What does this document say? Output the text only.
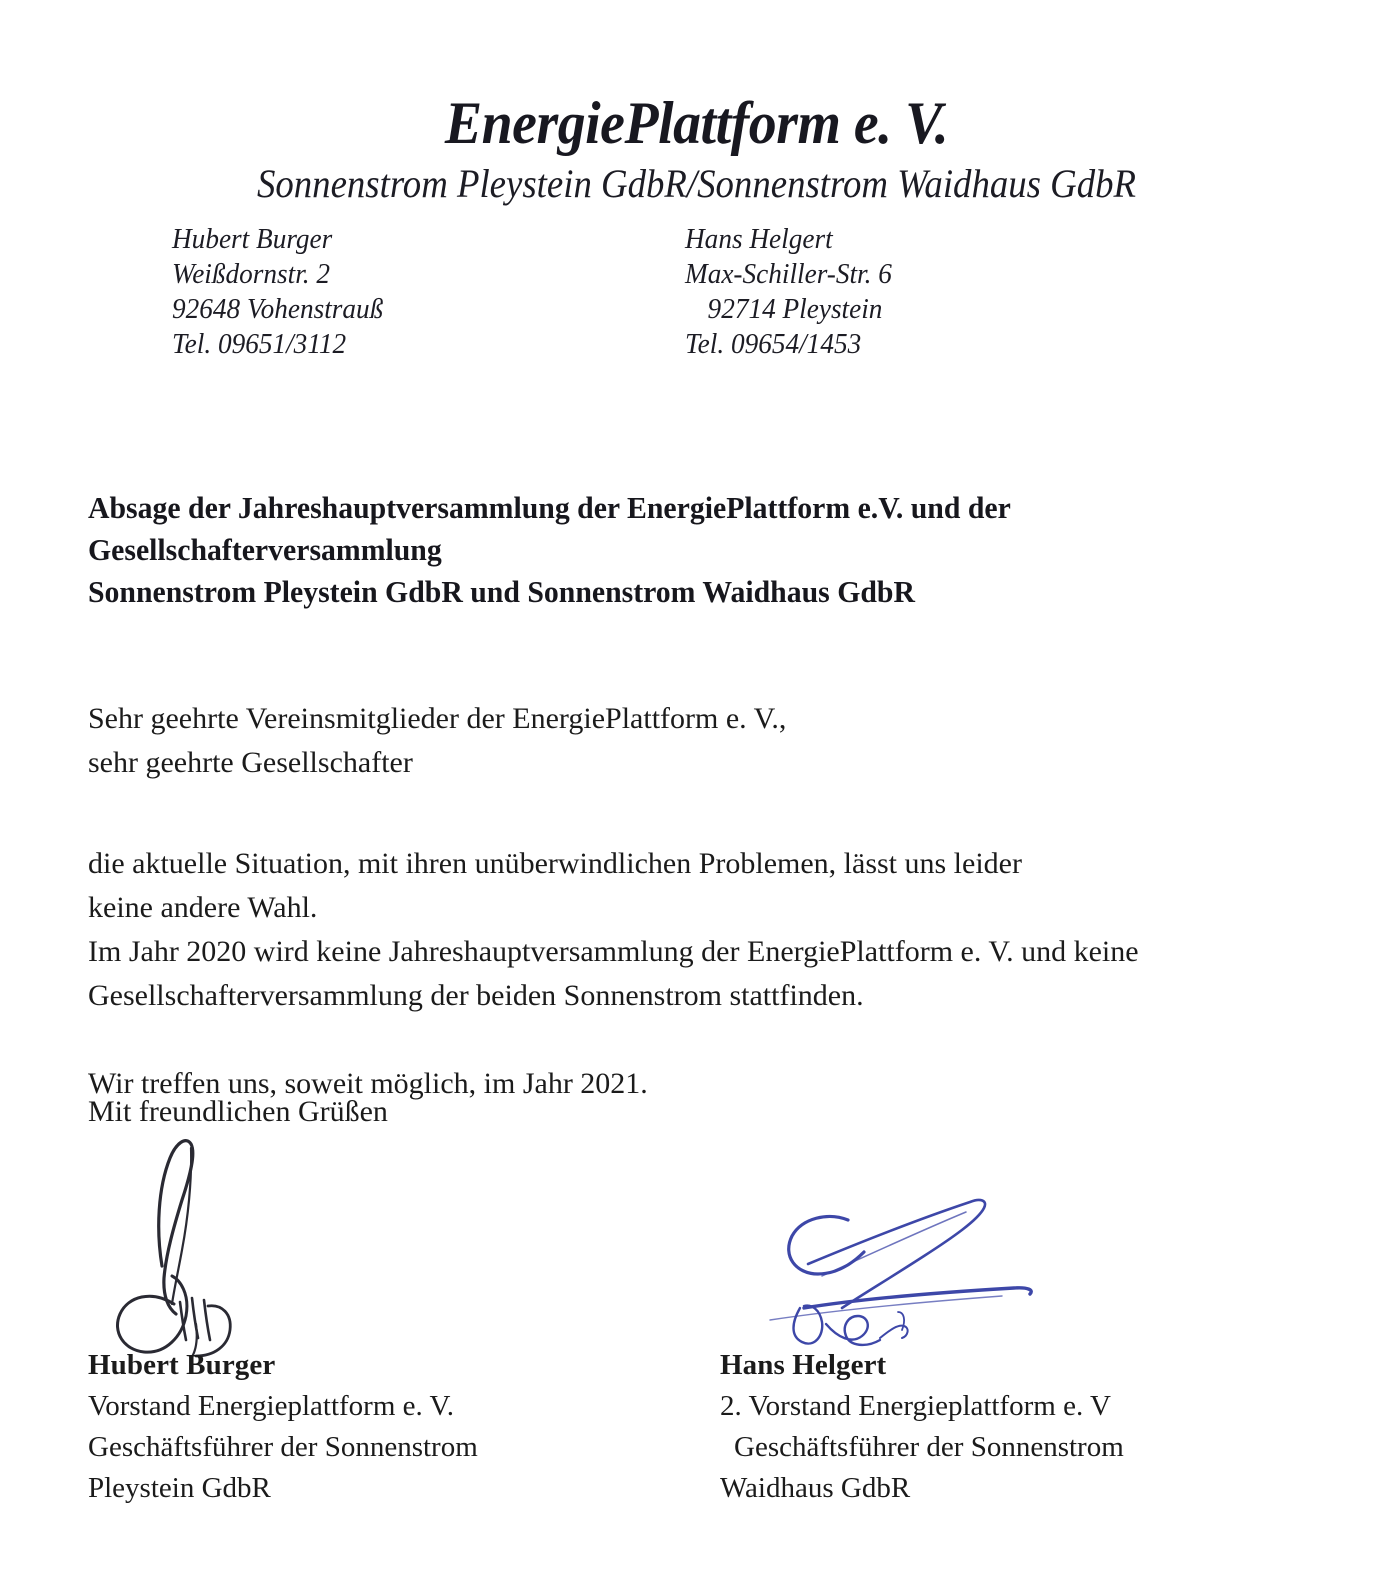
EnergiePlattform e. V.
Sonnenstrom Pleystein GdbR/Sonnenstrom Waidhaus GdbR
Hubert Burger
Weißdornstr. 2
92648 Vohenstrauß
Tel. 09651/3112
Hans Helgert
Max-Schiller-Str. 6
92714 Pleystein
Tel. 09654/1453
Absage der Jahreshauptversammlung der EnergiePlattform e.V. und der
Gesellschafterversammlung
Sonnenstrom Pleystein GdbR und Sonnenstrom Waidhaus GdbR
Sehr geehrte Vereinsmitglieder der EnergiePlattform e. V.,
sehr geehrte Gesellschafter

die aktuelle Situation, mit ihren unüberwindlichen Problemen, lässt uns leider

keine andere Wahl.

Im Jahr 2020 wird keine Jahreshauptversammlung der EnergiePlattform e. V. und keine

Gesellschafterversammlung der beiden Sonnenstrom stattfinden.

Wir treffen uns, soweit möglich, im Jahr 2021.

Mit freundlichen Grüßen
Hubert Burger
Vorstand Energieplattform e. V.
Geschäftsführer der Sonnenstrom
Pleystein GdbR
Hans Helgert
2. Vorstand Energieplattform e. V
Geschäftsführer der Sonnenstrom
Waidhaus GdbR
